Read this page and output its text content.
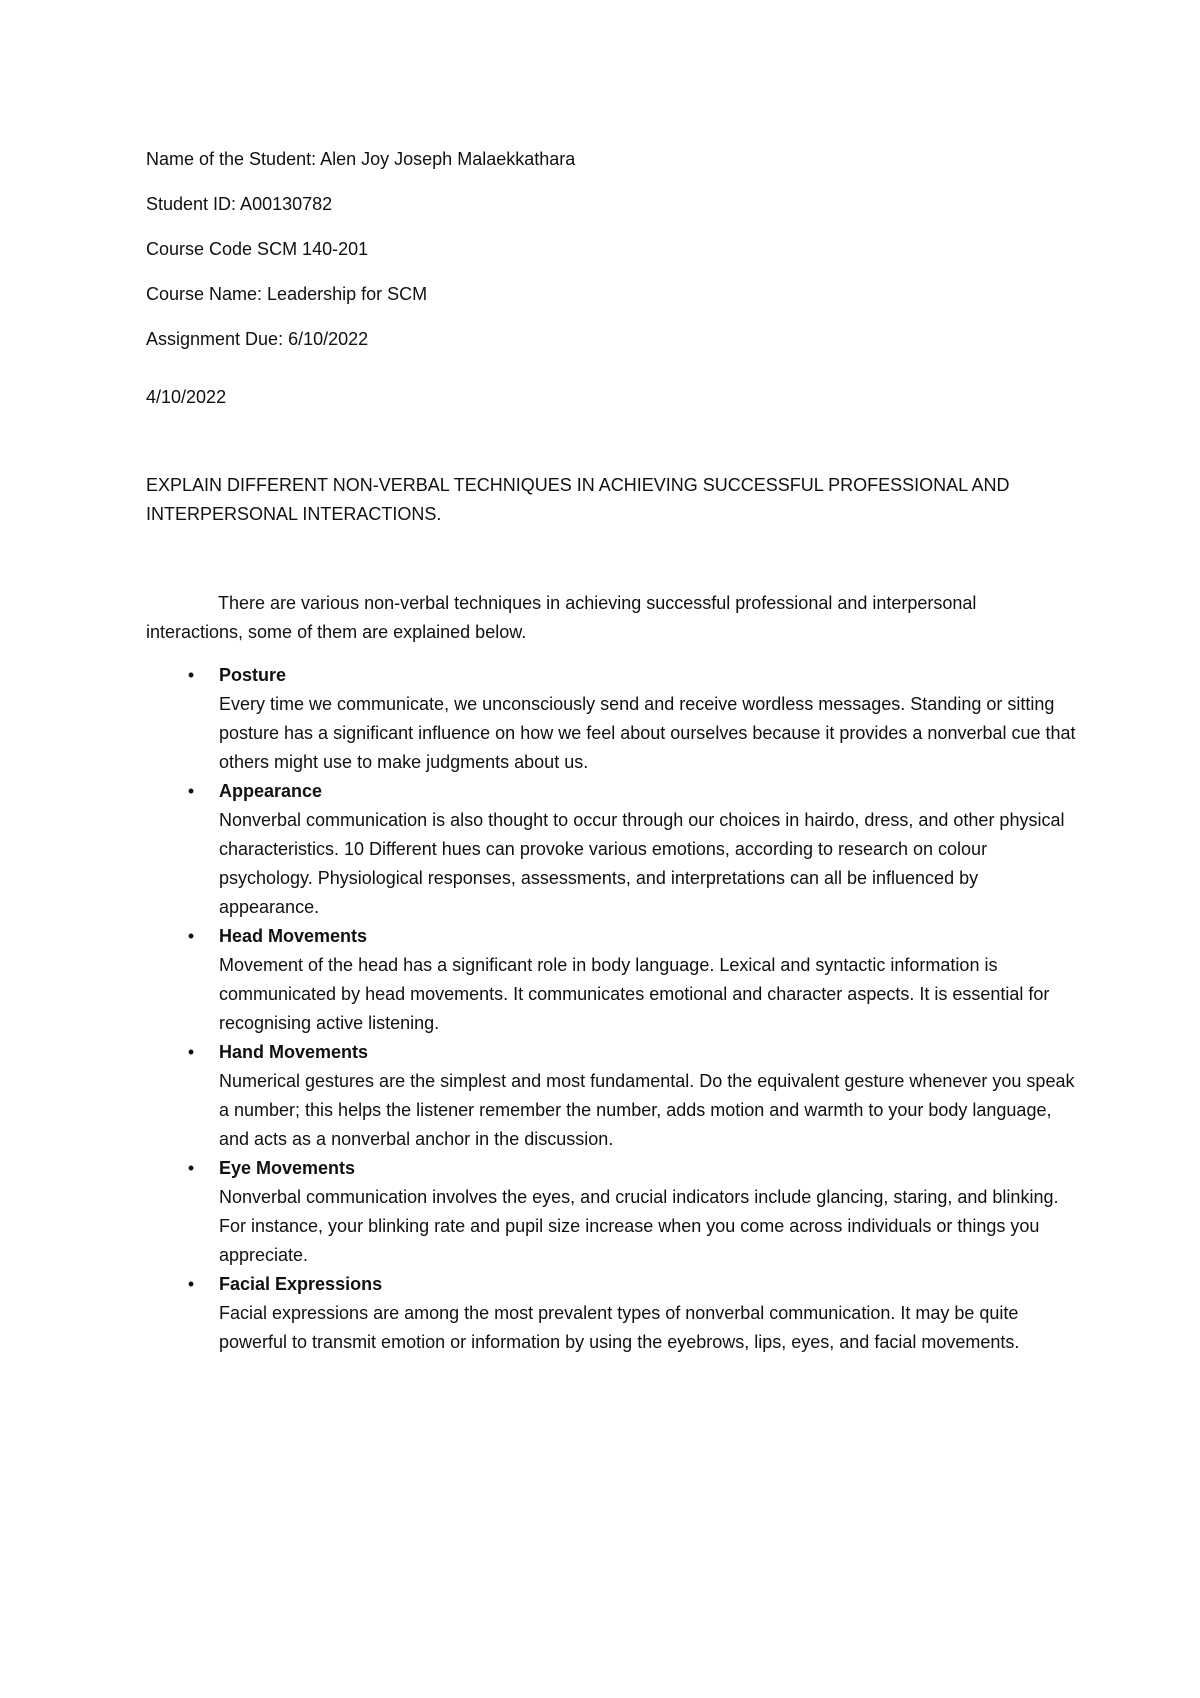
Name of the Student: Alen Joy Joseph Malaekkathara
Student ID: A00130782
Course Code SCM 140-201
Course Name: Leadership for SCM
Assignment Due: 6/10/2022
4/10/2022
EXPLAIN DIFFERENT NON-VERBAL TECHNIQUES IN ACHIEVING SUCCESSFUL PROFESSIONAL AND INTERPERSONAL INTERACTIONS.
There are various non-verbal techniques in achieving successful professional and interpersonal interactions, some of them are explained below.
•	Posture
Every time we communicate, we unconsciously send and receive wordless messages. Standing or sitting posture has a significant influence on how we feel about ourselves because it provides a nonverbal cue that others might use to make judgments about us.
•	Appearance
Nonverbal communication is also thought to occur through our choices in hairdo, dress, and other physical characteristics. 10 Different hues can provoke various emotions, according to research on colour psychology. Physiological responses, assessments, and interpretations can all be influenced by appearance.
•	Head Movements
Movement of the head has a significant role in body language. Lexical and syntactic information is communicated by head movements. It communicates emotional and character aspects. It is essential for recognising active listening.
•	Hand Movements
Numerical gestures are the simplest and most fundamental. Do the equivalent gesture whenever you speak a number; this helps the listener remember the number, adds motion and warmth to your body language, and acts as a nonverbal anchor in the discussion.
•	Eye Movements
Nonverbal communication involves the eyes, and crucial indicators include glancing, staring, and blinking. For instance, your blinking rate and pupil size increase when you come across individuals or things you appreciate.
•	Facial Expressions
Facial expressions are among the most prevalent types of nonverbal communication. It may be quite powerful to transmit emotion or information by using the eyebrows, lips, eyes, and facial movements.
